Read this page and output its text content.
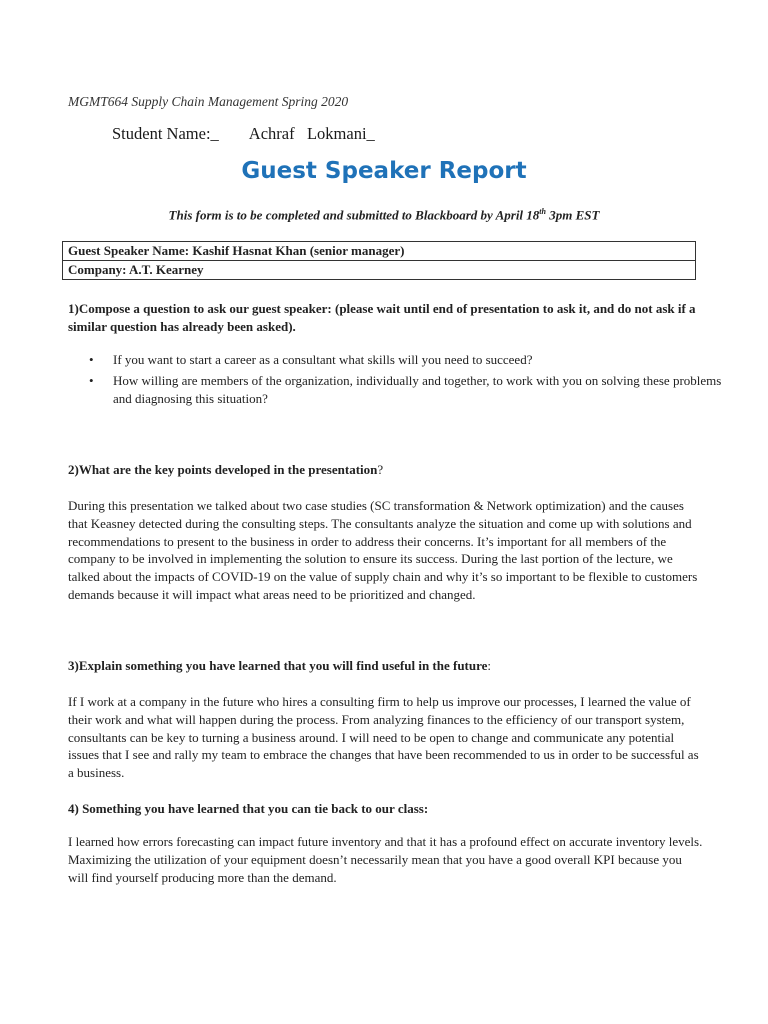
MGMT664 Supply Chain Management Spring 2020
Student Name:_ Achraf   Lokmani_
Guest Speaker Report
This form is to be completed and submitted to Blackboard by April 18th 3pm EST
Guest Speaker Name: Kashif Hasnat Khan (senior manager)
Company: A.T. Kearney
1)Compose a question to ask our guest speaker: (please wait until end of presentation to ask it, and do not ask if a similar question has already been asked).
• If you want to start a career as a consultant what skills will you need to succeed?
• How willing are members of the organization, individually and together, to work with you on solving these problems and diagnosing this situation?
2)What are the key points developed in the presentation?
During this presentation we talked about two case studies (SC transformation & Network optimization) and the causes that Keasney detected during the consulting steps. The consultants analyze the situation and come up with solutions and recommendations to present to the business in order to address their concerns. It’s important for all members of the company to be involved in implementing the solution to ensure its success. During the last portion of the lecture, we talked about the impacts of COVID-19 on the value of supply chain and why it’s so important to be flexible to customers demands because it will impact what areas need to be prioritized and changed.
3)Explain something you have learned that you will find useful in the future:
If I work at a company in the future who hires a consulting firm to help us improve our processes, I learned the value of their work and what will happen during the process. From analyzing finances to the efficiency of our transport system, consultants can be key to turning a business around. I will need to be open to change and communicate any potential issues that I see and rally my team to embrace the changes that have been recommended to us in order to be successful as a business.
4) Something you have learned that you can tie back to our class:
I learned how errors forecasting can impact future inventory and that it has a profound effect on accurate inventory levels. Maximizing the utilization of your equipment doesn’t necessarily mean that you have a good overall KPI because you will find yourself producing more than the demand.
